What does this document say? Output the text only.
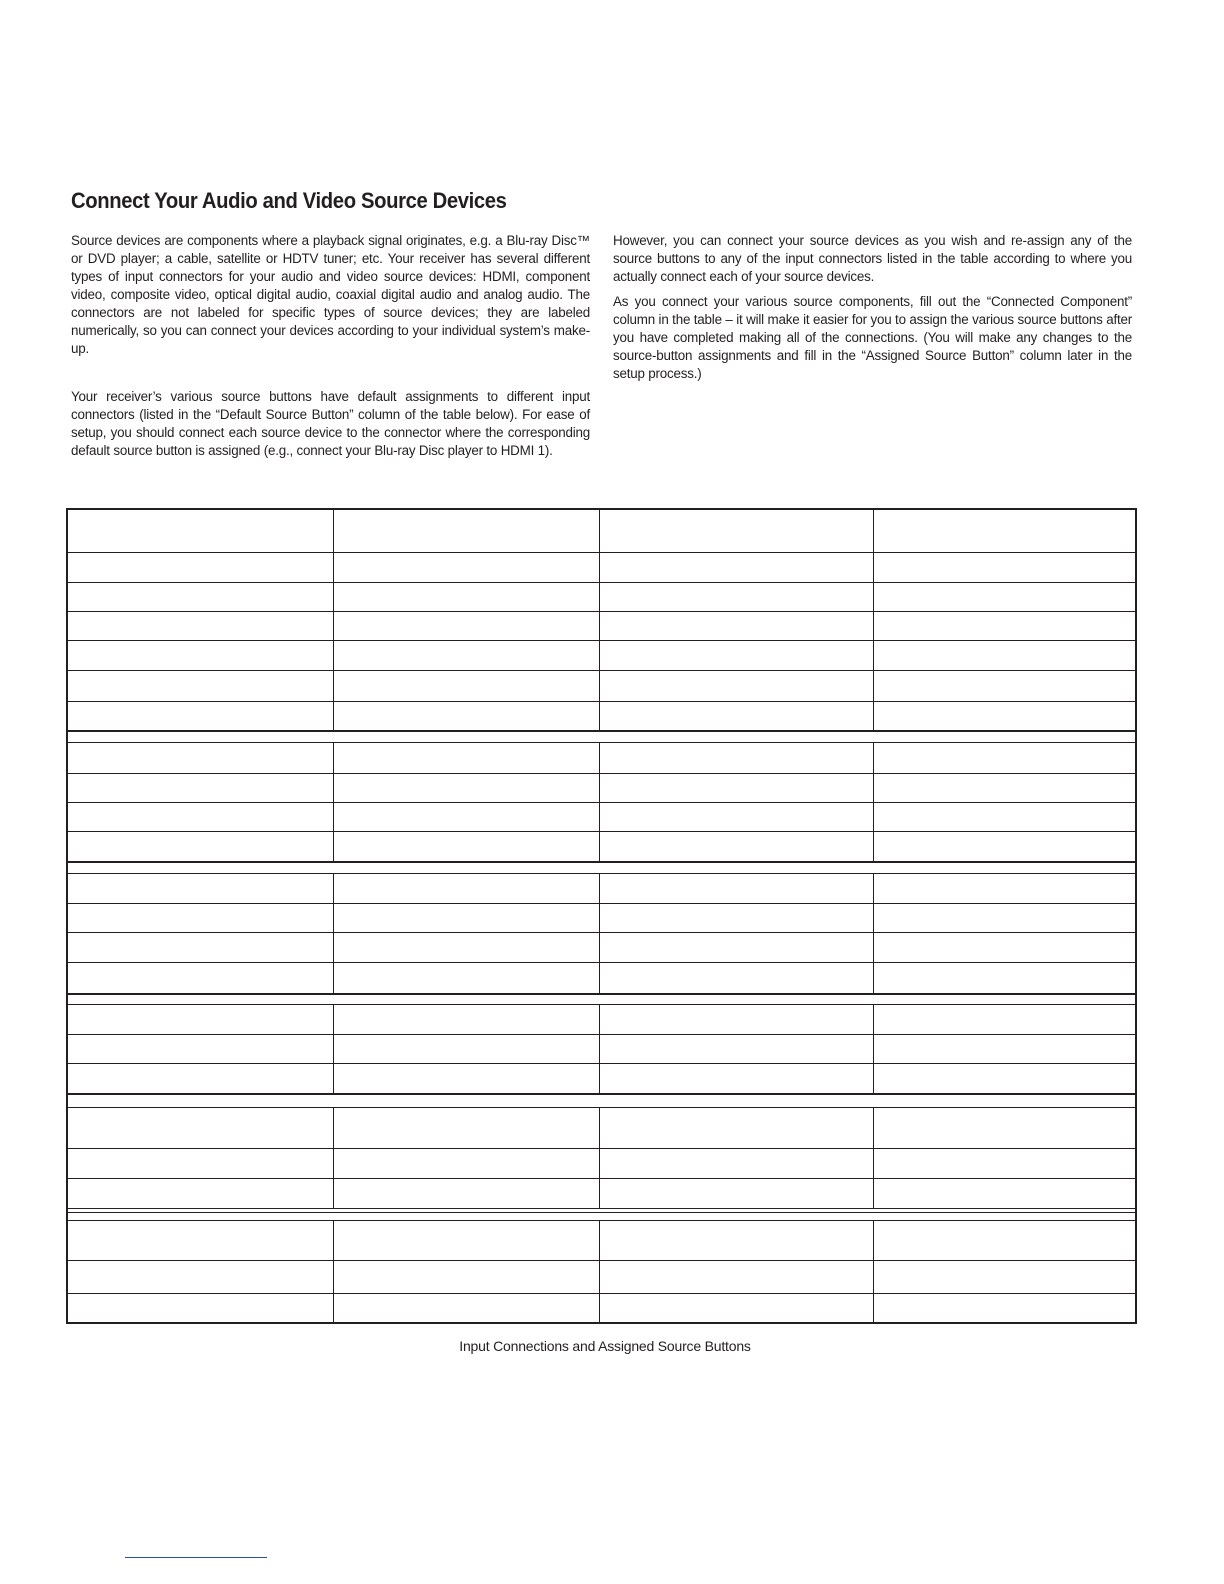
Connect Your Audio and Video Source Devices

Source devices are components where a playback signal originates, e.g. a Blu-ray Disc™ or DVD player; a cable, satellite or HDTV tuner; etc. Your receiver has several different types of input connectors for your audio and video source devices: HDMI, component video, composite video, optical digital audio, coaxial digital audio and analog audio. The connectors are not labeled for specific types of source devices; they are labeled numerically, so you can connect your devices according to your individual system’s make-up.

Your receiver’s various source buttons have default assignments to different input connectors (listed in the “Default Source Button” column of the table below). For ease of setup, you should connect each source device to the connector where the corresponding default source button is assigned (e.g., connect your Blu-ray Disc player to HDMI 1).

However, you can connect your source devices as you wish and re-assign any of the source buttons to any of the input connectors listed in the table according to where you actually connect each of your source devices.

As you connect your various source components, fill out the “Connected Component” column in the table – it will make it easier for you to assign the various source buttons after you have completed making all of the connections. (You will make any changes to the source-button assignments and fill in the “Assigned Source Button” column later in the setup process.)

Input Connections and Assigned Source Buttons
